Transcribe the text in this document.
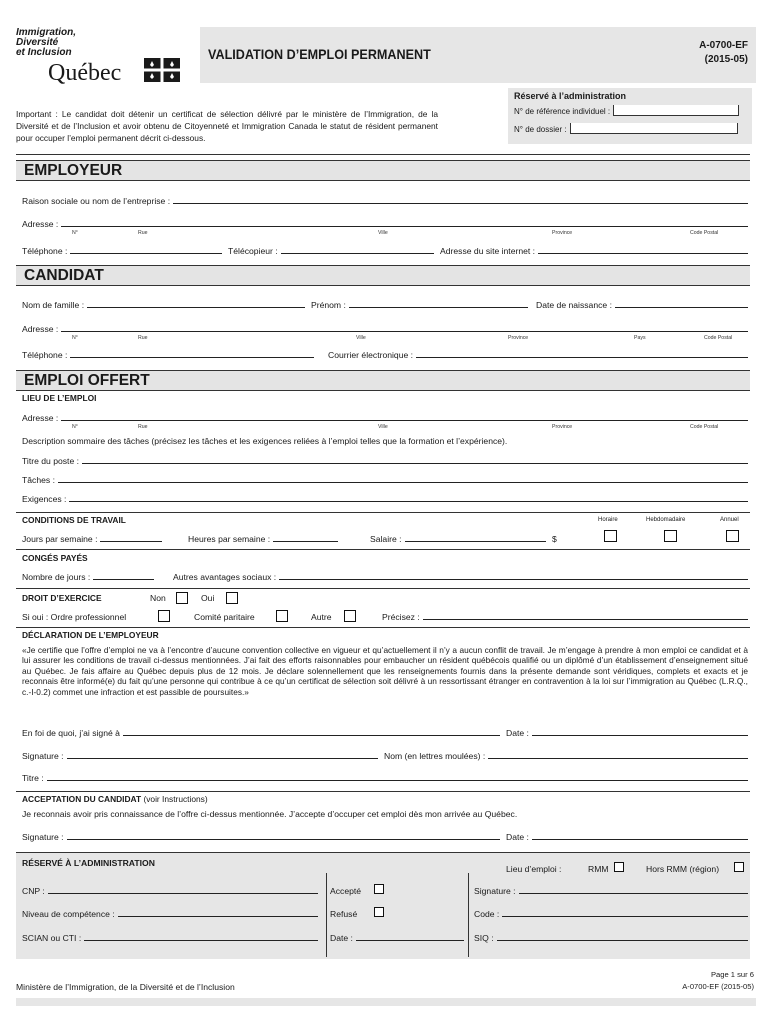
Immigration,
Diversité
et Inclusion
Québec
VALIDATION D’EMPLOI PERMANENT
A-0700-EF
(2015-05)
Important : Le candidat doit détenir un certificat de sélection délivré par le ministère de l’Immigration, de la Diversité et de l’Inclusion et avoir obtenu de Citoyenneté et Immigration Canada le statut de résident permanent pour occuper l’emploi permanent décrit ci-dessous.
Réservé à l’administration
N° de référence individuel :
N° de dossier :
EMPLOYEUR
Raison sociale ou nom de l’entreprise :
Adresse :
N°	Rue	Ville	Province	Code Postal
Téléphone :	Télécopieur :	Adresse du site internet :
CANDIDAT
Nom de famille :	Prénom :	Date de naissance :
Adresse :
N°	Rue	Ville	Province	Pays	Code Postal
Téléphone :	Courrier électronique :
EMPLOI OFFERT
LIEU DE L’EMPLOI
Adresse :
N°	Rue	Ville	Province	Code Postal
Description sommaire des tâches (précisez les tâches et les exigences reliées à l’emploi telles que la formation et l’expérience).
Titre du poste :
Tâches :
Exigences :
CONDITIONS DE TRAVAIL	Horaire	Hebdomadaire	Annuel
Jours par semaine :	Heures par semaine :	Salaire :	$
CONGÉS PAYÉS
Nombre de jours :	Autres avantages sociaux :
DROIT D’EXERCICE	Non	Oui
Si oui : Ordre professionnel	Comité paritaire	Autre	Précisez :
DÉCLARATION DE L’EMPLOYEUR
«Je certifie que l’offre d’emploi ne va à l’encontre d’aucune convention collective en vigueur et qu’actuellement il n’y a aucun conflit de travail. Je m’engage à prendre à mon emploi ce candidat et à lui assurer les conditions de travail ci-dessus mentionnées. J’ai fait des efforts raisonnables pour embaucher un résident québécois qualifié ou un diplômé d’un établissement d’enseignement situé au Québec. Je fais affaire au Québec depuis plus de 12 mois. Je déclare solennellement que les renseignements fournis dans la présente demande sont véridiques, complets et exacts et je reconnais être informé(e) du fait qu’une personne qui contribue à ce qu’un certificat de sélection soit délivré à un ressortissant étranger en contravention à la loi sur l’immigration au Québec (L.R.Q., c.-I-0.2) commet une infraction et est passible de poursuites.»
En foi de quoi, j’ai signé à	Date :
Signature :	Nom (en lettres moulées) :
Titre :
ACCEPTATION DU CANDIDAT (voir Instructions)
Je reconnais avoir pris connaissance de l’offre ci-dessus mentionnée. J’accepte d’occuper cet emploi dès mon arrivée au Québec.
Signature :	Date :
RÉSERVÉ À L’ADMINISTRATION
Lieu d’emploi :	RMM	Hors RMM (région)
CNP :	Accepté	Signature :
Niveau de compétence :	Refusé	Code :
SCIAN ou CTI :	Date :	SIQ :
Ministère de l’Immigration, de la Diversité et de l’Inclusion
Page 1 sur 6
A-0700-EF (2015-05)
